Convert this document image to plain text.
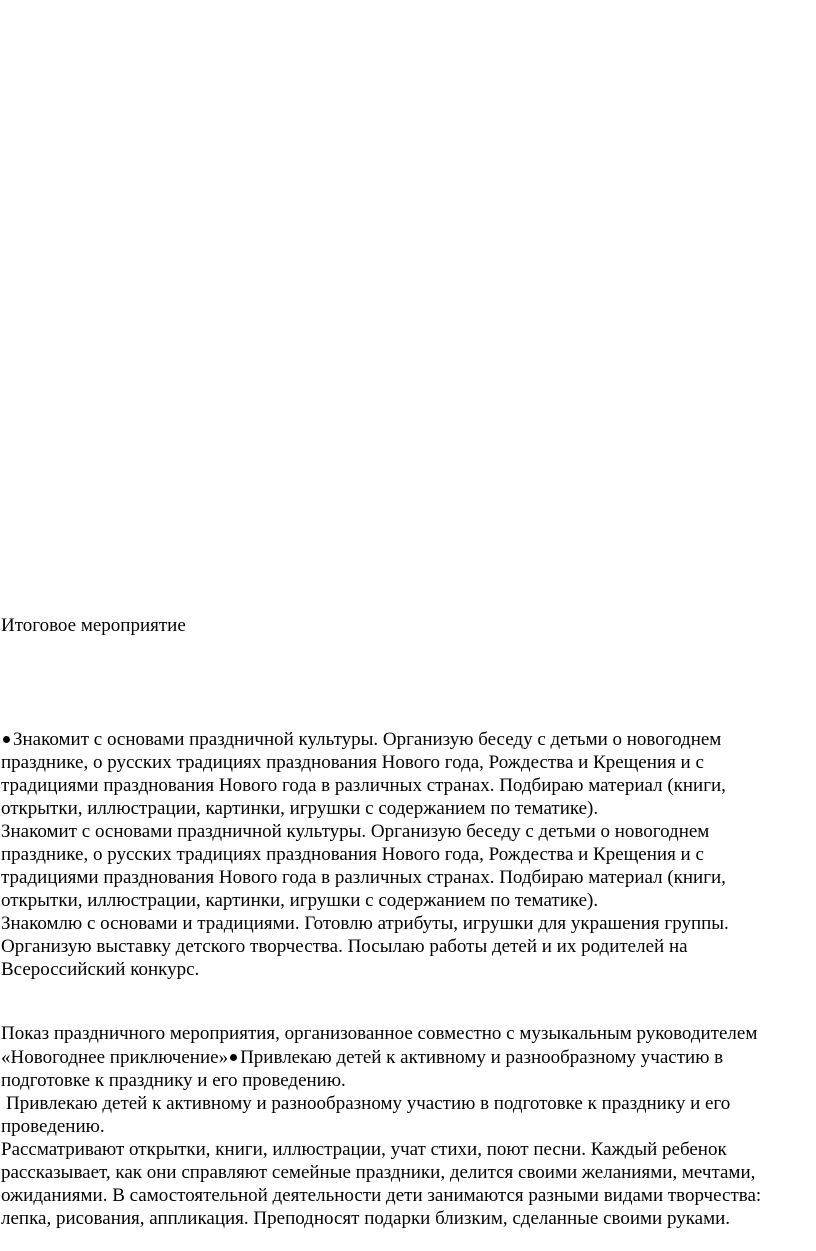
Итоговое мероприятие
Знакомит с основами праздничной культуры. Организую беседу с детьми о новогоднем
празднике, о русских традициях празднования Нового года, Рождества и Крещения и с
традициями празднования Нового года в различных странах. Подбираю материал (книги,
открытки, иллюстрации, картинки, игрушки с содержанием по тематике).
Знакомит с основами праздничной культуры. Организую беседу с детьми о новогоднем
празднике, о русских традициях празднования Нового года, Рождества и Крещения и с
традициями празднования Нового года в различных странах. Подбираю материал (книги,
открытки, иллюстрации, картинки, игрушки с содержанием по тематике).
Знакомлю с основами и традициями. Готовлю атрибуты, игрушки для украшения группы.
Организую выставку детского творчества. Посылаю работы детей и их родителей на
Всероссийский конкурс.
Показ праздничного мероприятия, организованное совместно с музыкальным руководителем
«Новогоднее приключение» Привлекаю детей к активному и разнообразному участию в
подготовке к празднику и его проведению.
Привлекаю детей к активному и разнообразному участию в подготовке к празднику и его
проведению.
Рассматривают открытки, книги, иллюстрации, учат стихи, поют песни. Каждый ребенок
рассказывает, как они справляют семейные праздники, делится своими желаниями, мечтами,
ожиданиями. В самостоятельной деятельности дети занимаются разными видами творчества:
лепка, рисования, аппликация. Преподносят подарки близким, сделанные своими руками.
